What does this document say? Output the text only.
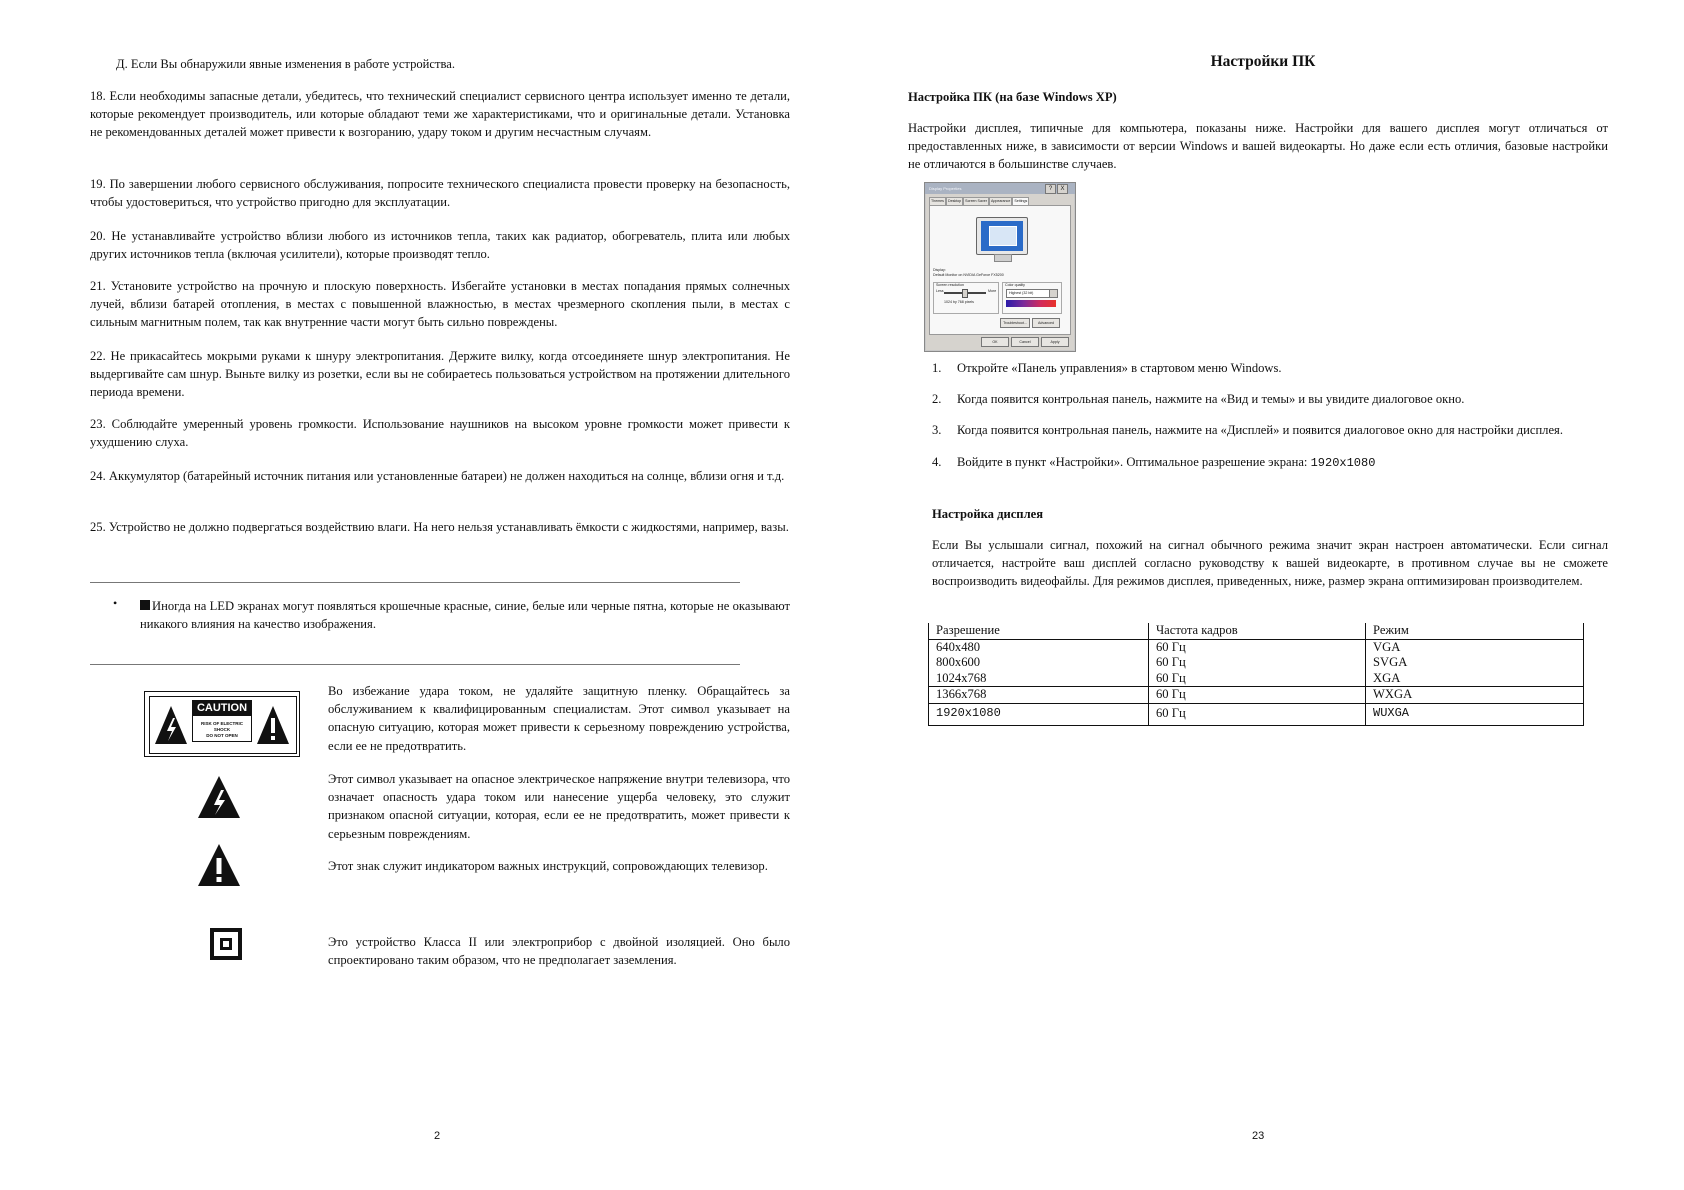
Д. Если Вы обнаружили явные изменения в работе устройства.

18. Если необходимы запасные детали, убедитесь, что технический специалист сервисного центра использует именно те детали, которые рекомендует производитель, или которые обладают теми же характеристиками, что и оригинальные детали. Установка не рекомендованных деталей может привести к возгоранию, удару током и другим несчастным случаям.

19. По завершении любого сервисного обслуживания, попросите технического специалиста провести проверку на безопасность, чтобы удостовериться, что устройство пригодно для эксплуатации.

20. Не устанавливайте устройство вблизи любого из источников тепла, таких как радиатор, обогреватель, плита или любых других источников тепла (включая усилители), которые производят тепло.

21. Установите устройство на прочную и плоскую поверхность. Избегайте установки в местах попадания прямых солнечных лучей, вблизи батарей отопления, в местах с повышенной влажностью, в местах чрезмерного скопления пыли, в местах с сильным магнитным полем, так как внутренние части могут быть сильно повреждены.

22. Не прикасайтесь мокрыми руками к шнуру электропитания. Держите вилку, когда отсоединяете шнур электропитания. Не выдергивайте сам шнур. Выньте вилку из розетки, если вы не собираетесь пользоваться устройством на протяжении длительного периода времени.

23. Соблюдайте умеренный уровень громкости. Использование наушников на высоком уровне громкости может привести к ухудшению слуха.

24. Аккумулятор (батарейный источник питания или установленные батареи) не должен находиться на солнце, вблизи огня и т.д.

25. Устройство не должно подвергаться воздействию влаги. На него нельзя устанавливать ёмкости с жидкостями, например, вазы.

•	Иногда на LED экранах могут появляться крошечные красные, синие, белые или черные пятна, которые не оказывают никакого влияния на качество изображения.

CAUTION
RISK OF ELECTRIC SHOCK
DO NOT OPEN

Во избежание удара током, не удаляйте защитную пленку. Обращайтесь за обслуживанием к квалифицированным специалистам. Этот символ указывает на опасную ситуацию, которая может привести к серьезному повреждению устройства, если ее не предотвратить.

Этот символ указывает на опасное электрическое напряжение внутри телевизора, что означает опасность удара током или нанесение ущерба человеку, это служит признаком опасной ситуации, которая, если ее не предотвратить, может привести к серьезным повреждениям.

Этот знак служит индикатором важных инструкций, сопровождающих телевизор.

Это устройство Класса II или электроприбор с двойной изоляцией. Оно было спроектировано таким образом, что не предполагает заземления.

2
Настройки ПК

Настройка ПК (на базе Windows XP)

Настройки дисплея, типичные для компьютера, показаны ниже. Настройки для вашего дисплея могут отличаться от предоставленных ниже, в зависимости от версии Windows и вашей видеокарты. Но даже если есть отличия, базовые настройки не отличаются в большинстве случаев.

Display Properties	?	X
Themes Desktop Screen Saver Appearance Settings
Display:
Default Monitor on NVIDIA GeForce FX5200
Screen resolution
Less	More
1024 by 768 pixels
Color quality
Highest (32 bit)
Troubleshoot...	Advanced
OK	Cancel	Apply
1. Откройте «Панель управления» в стартовом меню Windows.
2. Когда появится контрольная панель, нажмите на «Вид и темы» и вы увидите диалоговое окно.
3. Когда появится контрольная панель, нажмите на «Дисплей» и появится диалоговое окно для настройки дисплея.
4. Войдите в пункт «Настройки». Оптимальное разрешение экрана: 1920x1080

Настройка дисплея

Если Вы услышали сигнал, похожий на сигнал обычного режима значит экран настроен автоматически. Если сигнал отличается, настройте ваш дисплей согласно руководству к вашей видеокарте, в противном случае вы не сможете воспроизводить видеофайлы. Для режимов дисплея, приведенных, ниже, размер экрана оптимизирован производителем.

Разрешение	Частота кадров	Режим
640x480	60 Гц	VGA
800x600	60 Гц	SVGA
1024x768	60 Гц	XGA
1366x768	60 Гц	WXGA
1920x1080	60 Гц	WUXGA
23
